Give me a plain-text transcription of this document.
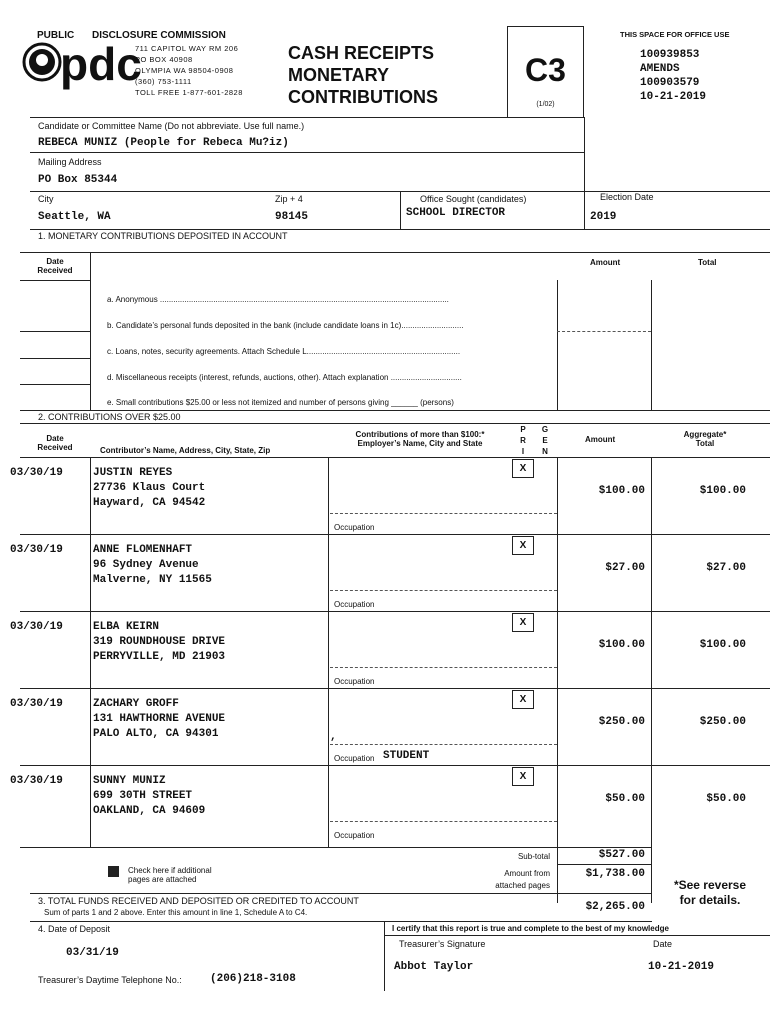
PUBLIC DISCLOSURE COMMISSION
pdc
711 CAPITOL WAY RM 206
PO BOX 40908
OLYMPIA WA 98504-0908
(360) 753-1111
TOLL FREE 1-877-601-2828
CASH RECEIPTS
MONETARY
CONTRIBUTIONS
C3
(1/02)
THIS SPACE FOR OFFICE USE
100939853
AMENDS
100903579
10-21-2019
Candidate or Committee Name (Do not abbreviate. Use full name.)
REBECA MUNIZ (People for Rebeca Mu?iz)
Mailing Address
PO Box 85344
City
Seattle, WA
Zip + 4
98145
Office Sought (candidates)
SCHOOL DIRECTOR
Election Date
2019
1. MONETARY CONTRIBUTIONS DEPOSITED IN ACCOUNT
Date
Received
Amount	Total
a. Anonymous ..................................................................................................................................
b. Candidate’s personal funds deposited in the bank (include candidate loans in 1c)............................
c. Loans, notes, security agreements. Attach Schedule L.....................................................................
d. Miscellaneous receipts (interest, refunds, auctions, other). Attach explanation ................................
e. Small contributions $25.00 or less not itemized and number of persons giving ______ (persons)
2. CONTRIBUTIONS OVER $25.00
Date
Received	Contributor’s Name, Address, City, State, Zip
Contributions of more than $100:*
Employer’s Name, City and State
P
R
I
G
E
N
Amount
Aggregate*
Total
03/30/19	JUSTIN REYES
27736 Klaus Court
Hayward, CA 94542
Occupation
X
$100.00	$100.00
03/30/19	ANNE FLOMENHAFT
96 Sydney Avenue
Malverne, NY 11565
Occupation
X
$27.00	$27.00
03/30/19	ELBA KEIRN
319 ROUNDHOUSE DRIVE
PERRYVILLE, MD 21903
Occupation
X
$100.00	$100.00
03/30/19	ZACHARY GROFF
131 HAWTHORNE AVENUE
PALO ALTO, CA 94301	,
Occupation STUDENT
X
$250.00	$250.00
03/30/19	SUNNY MUNIZ
699 30TH STREET
OAKLAND, CA 94609
Occupation
X
$50.00	$50.00
Check here if additional
pages are attached
Sub-total	$527.00
Amount from
attached pages
$1,738.00
*See reverse
for details.
3. TOTAL FUNDS RECEIVED AND DEPOSITED OR CREDITED TO ACCOUNT
Sum of parts 1 and 2 above. Enter this amount in line 1, Schedule A to C4.	$2,265.00
4. Date of Deposit
03/31/19
I certify that this report is true and complete to the best of my knowledge
Treasurer’s Signature	Date
Abbot Taylor	10-21-2019
Treasurer’s Daytime Telephone No.:	(206)218-3108
